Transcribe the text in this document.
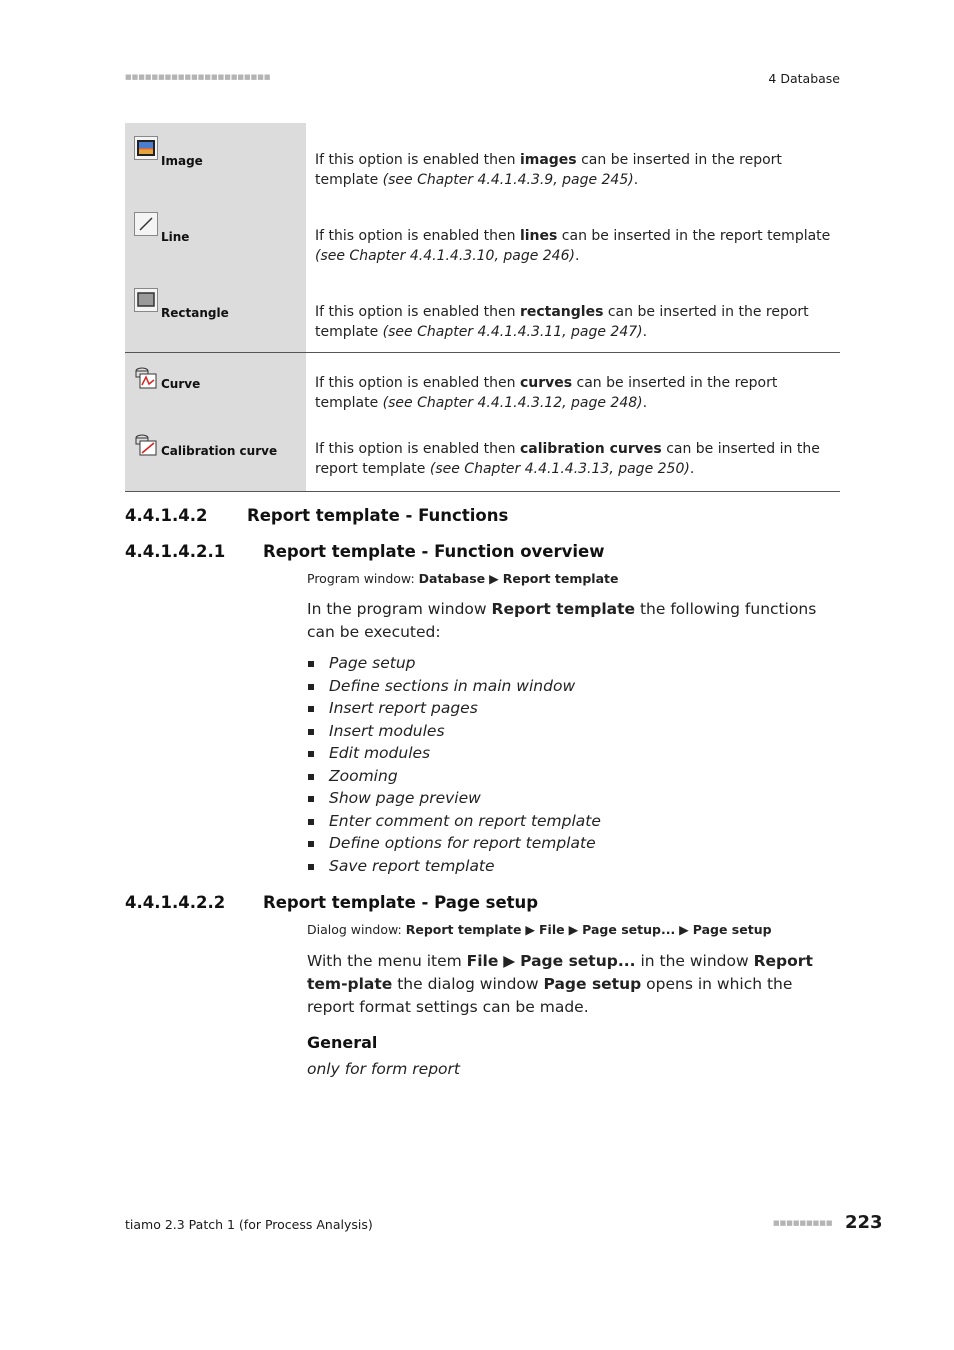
■■■■■■■■■■■■■■■■■■■■■■	4 Database
Image	If this option is enabled then images can be inserted in the report template (see Chapter 4.4.1.4.3.9, page 245).

Line	If this option is enabled then lines can be inserted in the report template (see Chapter 4.4.1.4.3.10, page 246).

Rectangle	If this option is enabled then rectangles can be inserted in the report template (see Chapter 4.4.1.4.3.11, page 247).

Curve	If this option is enabled then curves can be inserted in the report template (see Chapter 4.4.1.4.3.12, page 248).

Calibration curve	If this option is enabled then calibration curves can be inserted in the report template (see Chapter 4.4.1.4.3.13, page 250).
4.4.1.4.2 Report template - Functions
4.4.1.4.2.1 Report template - Function overview
Program window: Database ▶ Report template
In the program window Report template the following functions can be executed:
Page setup
Define sections in main window
Insert report pages
Insert modules
Edit modules
Zooming
Show page preview
Enter comment on report template
Define options for report template
Save report template
4.4.1.4.2.2 Report template - Page setup
Dialog window: Report template ▶ File ▶ Page setup... ▶ Page setup
With the menu item File ▶ Page setup... in the window Report tem-plate the dialog window Page setup opens in which the report format settings can be made.
General
only for form report
tiamo 2.3 Patch 1 (for Process Analysis)	■■■■■■■■■ 223
